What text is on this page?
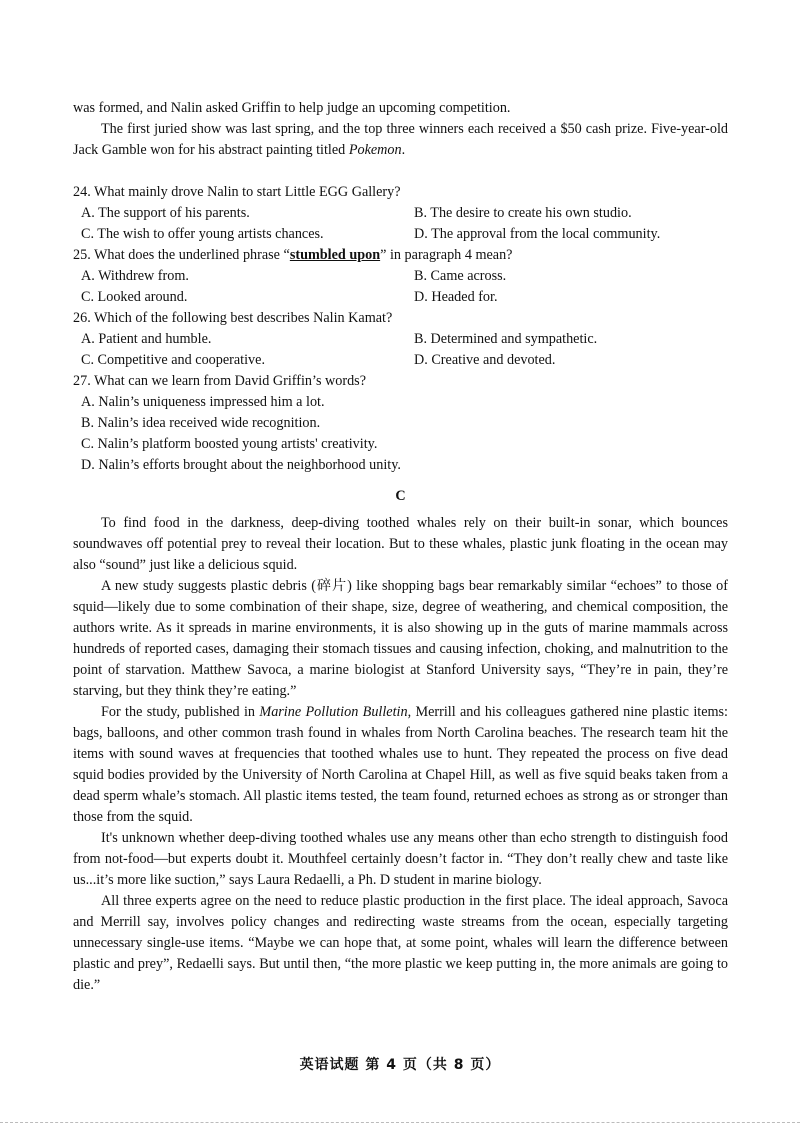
was formed, and Nalin asked Griffin to help judge an upcoming competition.

The first juried show was last spring, and the top three winners each received a $50 cash prize. Five-year-old Jack Gamble won for his abstract painting titled Pokemon.

24. What mainly drove Nalin to start Little EGG Gallery?

A. The support of his parents.	B. The desire to create his own studio.
C. The wish to offer young artists chances.	D. The approval from the local community.

25. What does the underlined phrase “stumbled upon” in paragraph 4 mean?

A. Withdrew from.	B. Came across.
C. Looked around.	D. Headed for.

26. Which of the following best describes Nalin Kamat?

A. Patient and humble.	B. Determined and sympathetic.
C. Competitive and cooperative.	D. Creative and devoted.

27. What can we learn from David Griffin’s words?

A. Nalin’s uniqueness impressed him a lot.
B. Nalin’s idea received wide recognition.
C. Nalin’s platform boosted young artists' creativity.
D. Nalin’s efforts brought about the neighborhood unity.
C

To find food in the darkness, deep-diving toothed whales rely on their built-in sonar, which bounces soundwaves off potential prey to reveal their location. But to these whales, plastic junk floating in the ocean may also “sound” just like a delicious squid.

A new study suggests plastic debris (碎片) like shopping bags bear remarkably similar “echoes” to those of squid—likely due to some combination of their shape, size, degree of weathering, and chemical composition, the authors write. As it spreads in marine environments, it is also showing up in the guts of marine mammals across hundreds of reported cases, damaging their stomach tissues and causing infection, choking, and malnutrition to the point of starvation. Matthew Savoca, a marine biologist at Stanford University says, “They’re in pain, they’re starving, but they think they’re eating.”

For the study, published in Marine Pollution Bulletin, Merrill and his colleagues gathered nine plastic items: bags, balloons, and other common trash found in whales from North Carolina beaches. The research team hit the items with sound waves at frequencies that toothed whales use to hunt. They repeated the process on five dead squid bodies provided by the University of North Carolina at Chapel Hill, as well as five squid beaks taken from a dead sperm whale’s stomach. All plastic items tested, the team found, returned echoes as strong as or stronger than those from the squid.

It's unknown whether deep-diving toothed whales use any means other than echo strength to distinguish food from not-food—but experts doubt it. Mouthfeel certainly doesn’t factor in. “They don’t really chew and taste like us...it’s more like suction,” says Laura Redaelli, a Ph. D student in marine biology.

All three experts agree on the need to reduce plastic production in the first place. The ideal approach, Savoca and Merrill say, involves policy changes and redirecting waste streams from the ocean, especially targeting unnecessary single-use items. “Maybe we can hope that, at some point, whales will learn the difference between plastic and prey”, Redaelli says. But until then, “the more plastic we keep putting in, the more animals are going to die.”

英语试题 第 4 页（共 8 页）
